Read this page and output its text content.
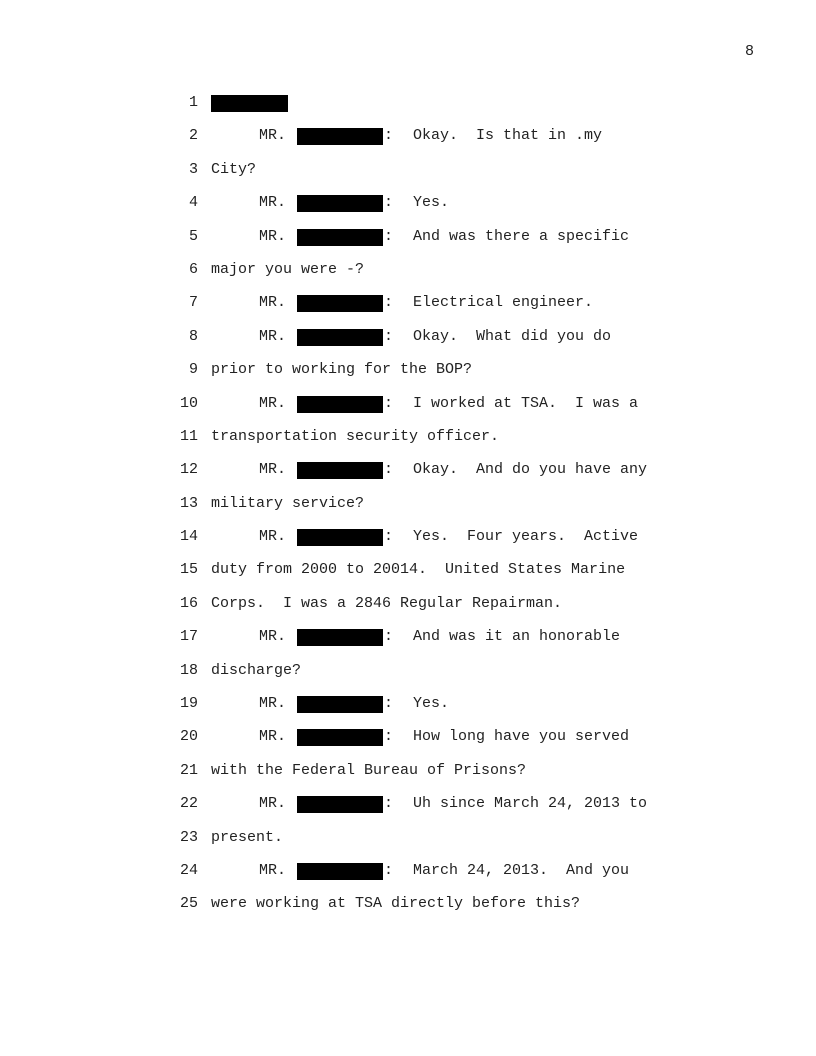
8
1
2	MR.	: Okay.  Is that in .my
3 City?
4	MR.	: Yes.
5	MR.	: And was there a specific
6 major you were -?
7	MR.	: Electrical engineer.
8	MR.	: Okay.  What did you do
9 prior to working for the BOP?
10	MR.	: I worked at TSA.  I was a
11 transportation security officer.
12	MR.	: Okay.  And do you have any
13 military service?
14	MR.	: Yes.  Four years.  Active
15 duty from 2000 to 20014.  United States Marine
16 Corps.  I was a 2846 Regular Repairman.
17	MR.	: And was it an honorable
18 discharge?
19	MR.	: Yes.
20	MR.	: How long have you served
21 with the Federal Bureau of Prisons?
22	MR.	: Uh since March 24, 2013 to
23 present.
24	MR.	: March 24, 2013.  And you
25 were working at TSA directly before this?
